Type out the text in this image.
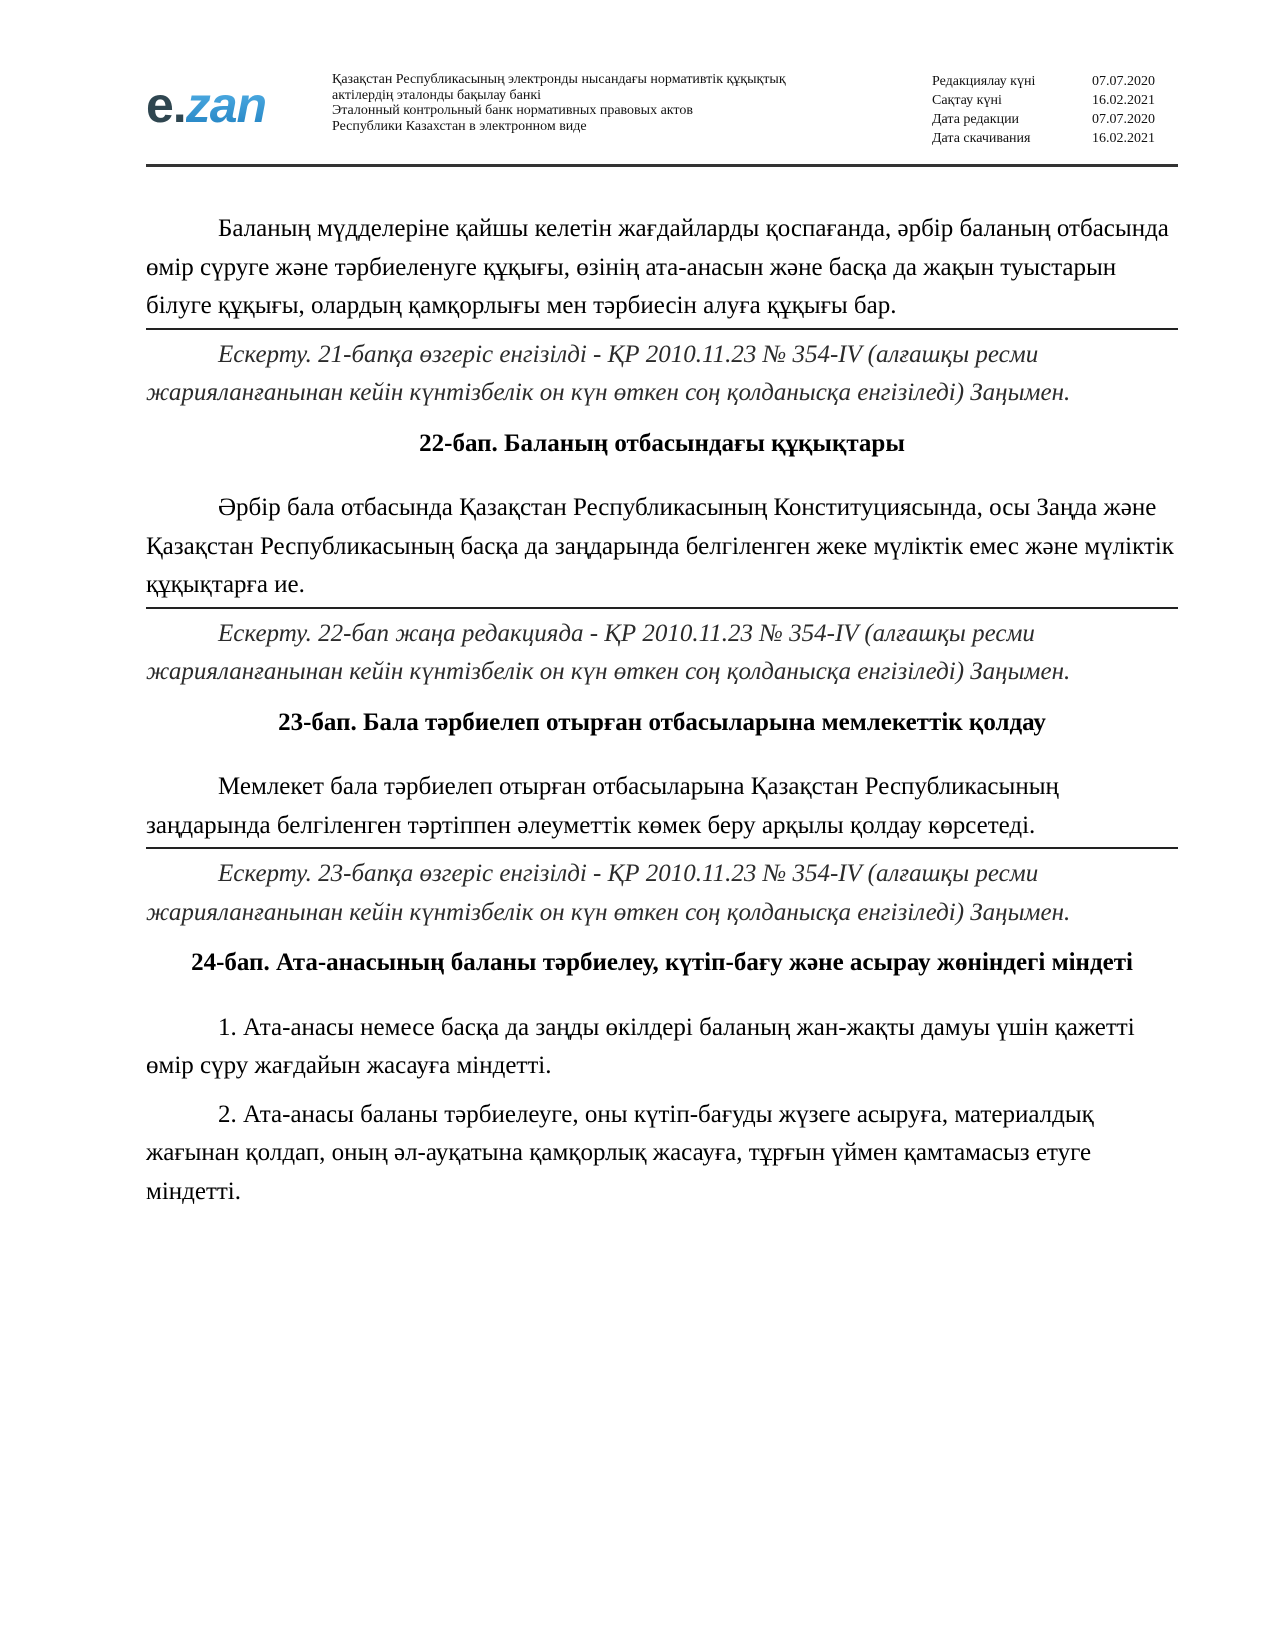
e.zan	Қазақстан Республикасының электронды нысандағы нормативтік құқықтық
актілердің эталонды бақылау банкі
Эталонный контрольный банк нормативных правовых актов
Республики Казахстан в электронном виде
Редакциялау күні	07.07.2020
Сақтау күні	16.02.2021
Дата редакции	07.07.2020
Дата скачивания	16.02.2021

Баланың мүдделеріне қайшы келетін жағдайларды қоспағанда, әрбір баланың отбасында өмір сүруге және тәрбиеленуге құқығы, өзінің ата-анасын және басқа да жақын туыстарын білуге құқығы, олардың қамқорлығы мен тәрбиесін алуға құқығы бар.

Ескерту. 21-бапқа өзгеріс енгізілді - ҚР 2010.11.23 № 354-IV (алғашқы ресми жарияланғанынан кейін күнтізбелік он күн өткен соң қолданысқа енгізіледі) Заңымен.

22-бап. Баланың отбасындағы құқықтары

Әрбір бала отбасында Қазақстан Республикасының Конституциясында, осы Заңда және Қазақстан Республикасының басқа да заңдарында белгіленген жеке мүліктік емес және мүліктік құқықтарға ие.

Ескерту. 22-бап жаңа редакцияда - ҚР 2010.11.23 № 354-IV (алғашқы ресми жарияланғанынан кейін күнтізбелік он күн өткен соң қолданысқа енгізіледі) Заңымен.

23-бап. Бала тәрбиелеп отырған отбасыларына мемлекеттік қолдау

Мемлекет бала тәрбиелеп отырған отбасыларына Қазақстан Республикасының заңдарында белгіленген тәртіппен әлеуметтік көмек беру арқылы қолдау көрсетеді.

Ескерту. 23-бапқа өзгеріс енгізілді - ҚР 2010.11.23 № 354-IV (алғашқы ресми жарияланғанынан кейін күнтізбелік он күн өткен соң қолданысқа енгізіледі) Заңымен.

24-бап. Ата-анасының баланы тәрбиелеу, күтіп-бағу және асырау жөніндегі міндеті

1. Ата-анасы немесе басқа да заңды өкілдері баланың жан-жақты дамуы үшін қажетті өмір сүру жағдайын жасауға міндетті.

2. Ата-анасы баланы тәрбиелеуге, оны күтіп-бағуды жүзеге асыруға, материалдық жағынан қолдап, оның әл-ауқатына қамқорлық жасауға, тұрғын үймен қамтамасыз етуге міндетті.
